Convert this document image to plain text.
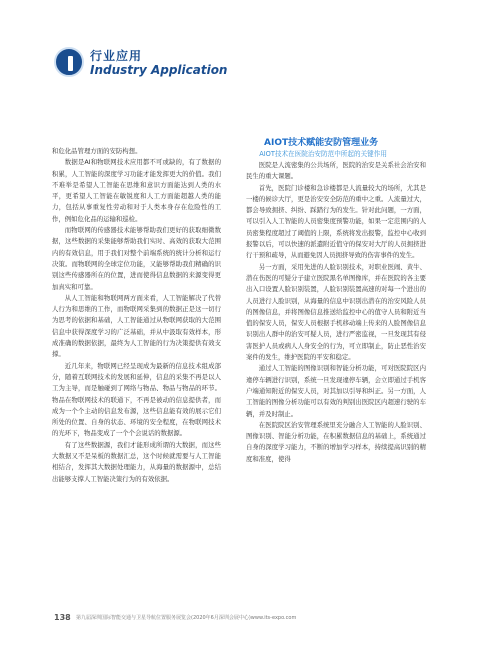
行业应用
Industry Application

和危化品管理方面的安防构想。

数据是AI和物联网技术应用都不可或缺的，有了数据的积累，人工智能的深度学习功能才能发挥更大的价值。我们不难举是希望人工智能在思维和意识方面能达到人类的水平，更希望人工智能在敏锐度和人工方面能超越人类的能力，包括从事重复性劳动和对于人类本身存在危险性的工作，例如危化品的运输和巡检。

而物联网的传感器技术能够帮助我们更好的获取细微数据，这些数据的采集能够帮助我们实时、高效的获取大范围内的有效信息，用于我们对整个前端系统的统计分析和运行决策。而物联网的全球定位功能，又能够帮助我们精确的识别这些传感器所在的位置，进而使得信息数据的来源变得更加真实和可靠。

从人工智能和物联网两方面来看，人工智能解决了代替人行为和思维的工作，而物联网采集到的数据正是这一切行为思考的依据和基础，人工智能通过从物联网获取的大范围信息中获得深度学习的广泛基础，并从中汲取有效样本，形成准确的数据依据，最终为人工智能的行为决策提供有效支撑。

近几年来，物联网已经呈现成为最新的信息技术组成部分，随着互联网技术的发展和延伸，信息的采集不再是以人工为主导，而是触碰到了网络与物品、物品与物品的环节。物品在物联网技术的联通下，不再是被动的信息提供者，而成为一个个主动的信息发布源，这些信息能有效的展示它们所处的位置、自身的状态、环境的安全程度，在物联网技术的光环下，物品变成了一个个会说话的数据源。

有了这些数据源，我们才能形成所谓的大数据，而这些大数据又不是呆板的数据汇总，这个时候就需要与人工智能相结合，发挥其大数据处理能力，从海量的数据源中，总结出能够支撑人工智能决策行为的有效依据。

AIOT技术赋能安防管理业务

AIOT技术在医院治安防范中所起的关键作用

医院是人流密集的公共场所，医院的治安是关系社会治安和民生的重大课题。

首先，医院门诊楼和急诊楼都是人流量较大的场所，尤其是一楼的候诊大厅，更是治安安全防范的重中之重。人流量过大，都会导致拥挤、纠纷、踩踏行为的发生。针对此问题，一方面，可以引入人工智能的人员密集度预警功能，如果一定范围内的人员密集程度超过了阈值的上限，系统将发出报警，监控中心收到报警以后，可以快速的派遣附近值守的保安对大厅的人员拥挤进行干预和疏导，从而避免因人员拥挤导致的伤害事件的发生。

另一方面，采用先进的人脸识别技术，对职业医闹、黄牛、潜在伤医的可疑分子建立医院黑名单图像库，并在医院的各主要出入口设置人脸识别装置，人脸识别装置高速的对每一个进出的人员进行人脸识别，从海量的信息中识别出潜在的治安风险人员的图像信息，并将图像信息推送给监控中心的值守人员和附近当值的保安人员，保安人员根据手机移动端上传来的人脸图像信息识别出人群中的治安可疑人员，进行严密监视，一旦发现其有侵害医护人员或病人人身安全的行为，可立即制止，防止恶性治安案件的发生，维护医院的平安和稳定。

通过人工智能的图像识别和智能分析功能，可对医院院区内違停车辆进行识别，系统一旦发现違停车辆，会立即通过手机客户端通知附近的保安人员，对其加以引导和纠正。另一方面，人工智能的图像分析功能可以有效的判别出医院区内超速行驶的车辆，并及时制止。

在医院院区治安管理系统里充分融合人工智能的人脸识别、图像识别、智能分析功能，在积累数据信息的基础上，系统通过自身的深度学习能力，不断的增加学习样本，持续提高识别的精度和准度，使得

138 第九届深圳国际智能交通与卫星导航位置服务展览会(2020年6月深圳会展中心)www.its-expo.com
